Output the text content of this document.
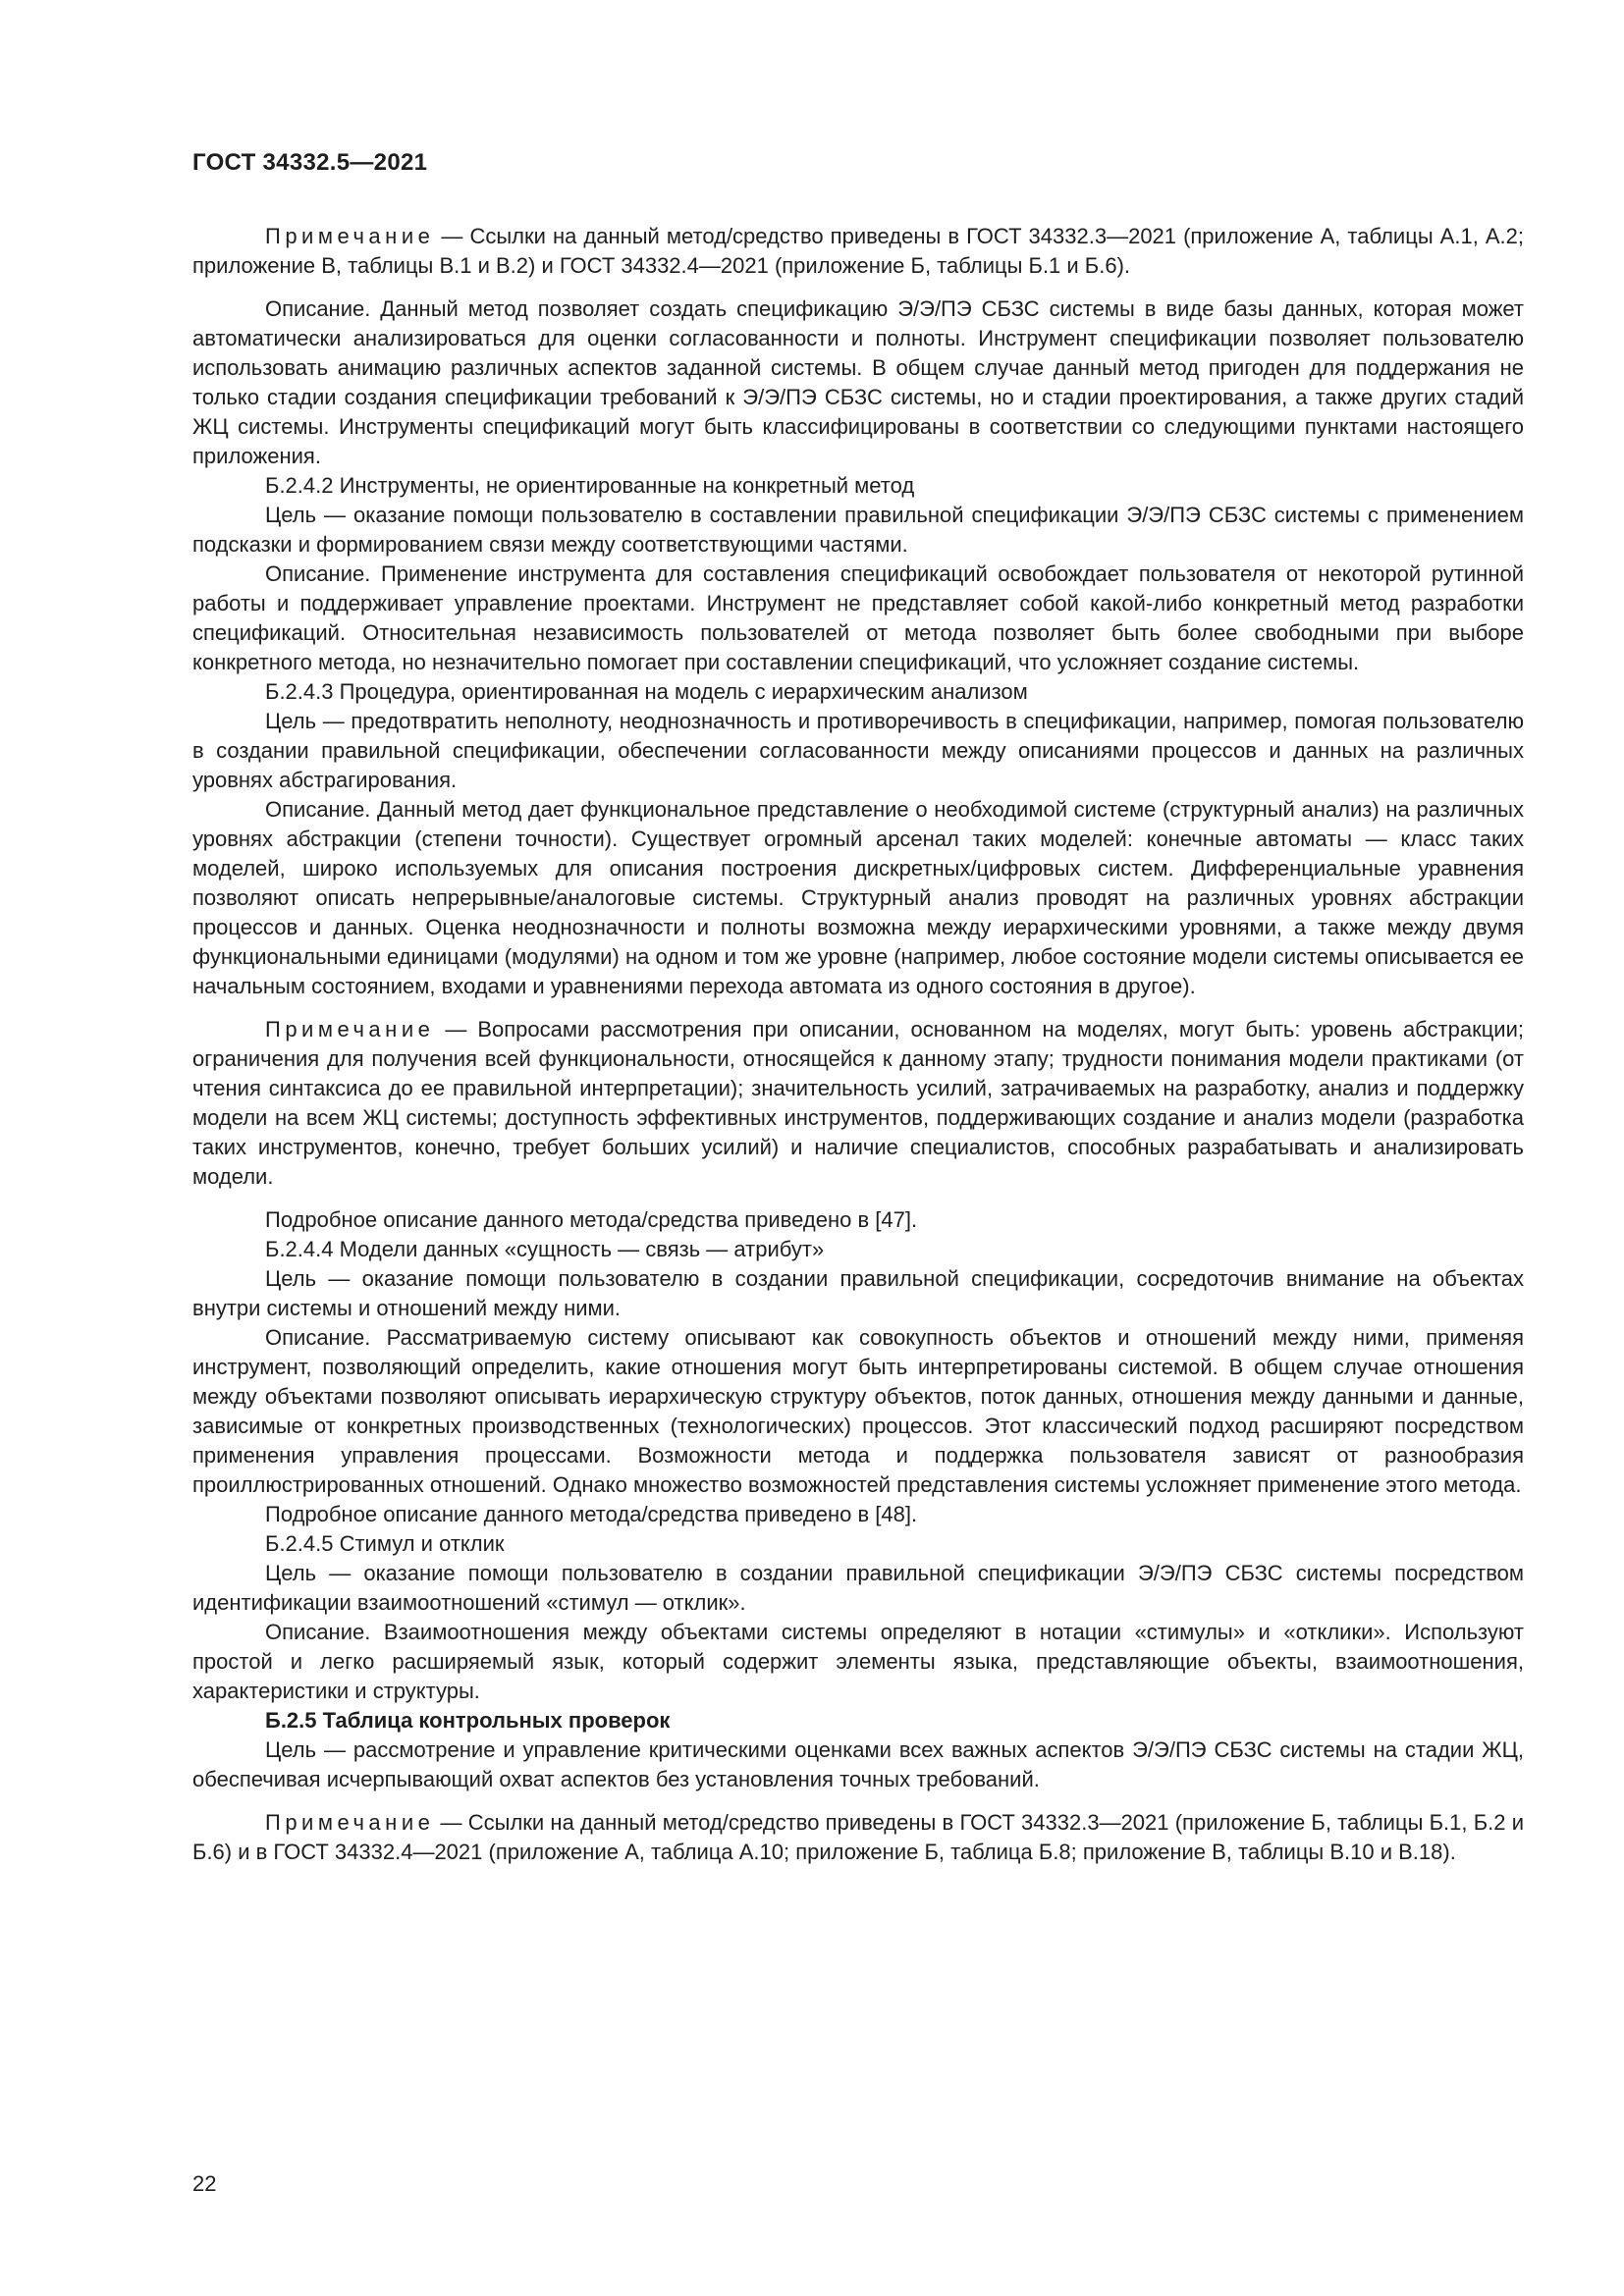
ГОСТ 34332.5—2021

Примечание — Ссылки на данный метод/средство приведены в ГОСТ 34332.3—2021 (приложение А, таблицы А.1, А.2; приложение В, таблицы В.1 и В.2) и ГОСТ 34332.4—2021 (приложение Б, таблицы Б.1 и Б.6).

Описание. Данный метод позволяет создать спецификацию Э/Э/ПЭ СБЗС системы в виде базы данных, которая может автоматически анализироваться для оценки согласованности и полноты. Инструмент спецификации позволяет пользователю использовать анимацию различных аспектов заданной системы. В общем случае данный метод пригоден для поддержания не только стадии создания спецификации требований к Э/Э/ПЭ СБЗС системы, но и стадии проектирования, а также других стадий ЖЦ системы. Инструменты спецификаций могут быть классифицированы в соответствии со следующими пунктами настоящего приложения.

Б.2.4.2 Инструменты, не ориентированные на конкретный метод

Цель — оказание помощи пользователю в составлении правильной спецификации Э/Э/ПЭ СБЗС системы с применением подсказки и формированием связи между соответствующими частями.

Описание. Применение инструмента для составления спецификаций освобождает пользователя от некоторой рутинной работы и поддерживает управление проектами. Инструмент не представляет собой какой-либо конкретный метод разработки спецификаций. Относительная независимость пользователей от метода позволяет быть более свободными при выборе конкретного метода, но незначительно помогает при составлении спецификаций, что усложняет создание системы.

Б.2.4.3 Процедура, ориентированная на модель с иерархическим анализом

Цель — предотвратить неполноту, неоднозначность и противоречивость в спецификации, например, помогая пользователю в создании правильной спецификации, обеспечении согласованности между описаниями процессов и данных на различных уровнях абстрагирования.

Описание. Данный метод дает функциональное представление о необходимой системе (структурный анализ) на различных уровнях абстракции (степени точности). Существует огромный арсенал таких моделей: конечные автоматы — класс таких моделей, широко используемых для описания построения дискретных/цифровых систем. Дифференциальные уравнения позволяют описать непрерывные/аналоговые системы. Структурный анализ проводят на различных уровнях абстракции процессов и данных. Оценка неоднозначности и полноты возможна между иерархическими уровнями, а также между двумя функциональными единицами (модулями) на одном и том же уровне (например, любое состояние модели системы описывается ее начальным состоянием, входами и уравнениями перехода автомата из одного состояния в другое).

Примечание — Вопросами рассмотрения при описании, основанном на моделях, могут быть: уровень абстракции; ограничения для получения всей функциональности, относящейся к данному этапу; трудности понимания модели практиками (от чтения синтаксиса до ее правильной интерпретации); значительность усилий, затрачиваемых на разработку, анализ и поддержку модели на всем ЖЦ системы; доступность эффективных инструментов, поддерживающих создание и анализ модели (разработка таких инструментов, конечно, требует больших усилий) и наличие специалистов, способных разрабатывать и анализировать модели.

Подробное описание данного метода/средства приведено в [47].

Б.2.4.4 Модели данных «сущность — связь — атрибут»

Цель — оказание помощи пользователю в создании правильной спецификации, сосредоточив внимание на объектах внутри системы и отношений между ними.

Описание. Рассматриваемую систему описывают как совокупность объектов и отношений между ними, применяя инструмент, позволяющий определить, какие отношения могут быть интерпретированы системой. В общем случае отношения между объектами позволяют описывать иерархическую структуру объектов, поток данных, отношения между данными и данные, зависимые от конкретных производственных (технологических) процессов. Этот классический подход расширяют посредством применения управления процессами. Возможности метода и поддержка пользователя зависят от разнообразия проиллюстрированных отношений. Однако множество возможностей представления системы усложняет применение этого метода.

Подробное описание данного метода/средства приведено в [48].

Б.2.4.5 Стимул и отклик

Цель — оказание помощи пользователю в создании правильной спецификации Э/Э/ПЭ СБЗС системы посредством идентификации взаимоотношений «стимул — отклик».

Описание. Взаимоотношения между объектами системы определяют в нотации «стимулы» и «отклики». Используют простой и легко расширяемый язык, который содержит элементы языка, представляющие объекты, взаимоотношения, характеристики и структуры.

Б.2.5 Таблица контрольных проверок

Цель — рассмотрение и управление критическими оценками всех важных аспектов Э/Э/ПЭ СБЗС системы на стадии ЖЦ, обеспечивая исчерпывающий охват аспектов без установления точных требований.

Примечание — Ссылки на данный метод/средство приведены в ГОСТ 34332.3—2021 (приложение Б, таблицы Б.1, Б.2 и Б.6) и в ГОСТ 34332.4—2021 (приложение А, таблица А.10; приложение Б, таблица Б.8; приложение В, таблицы В.10 и В.18).

22
